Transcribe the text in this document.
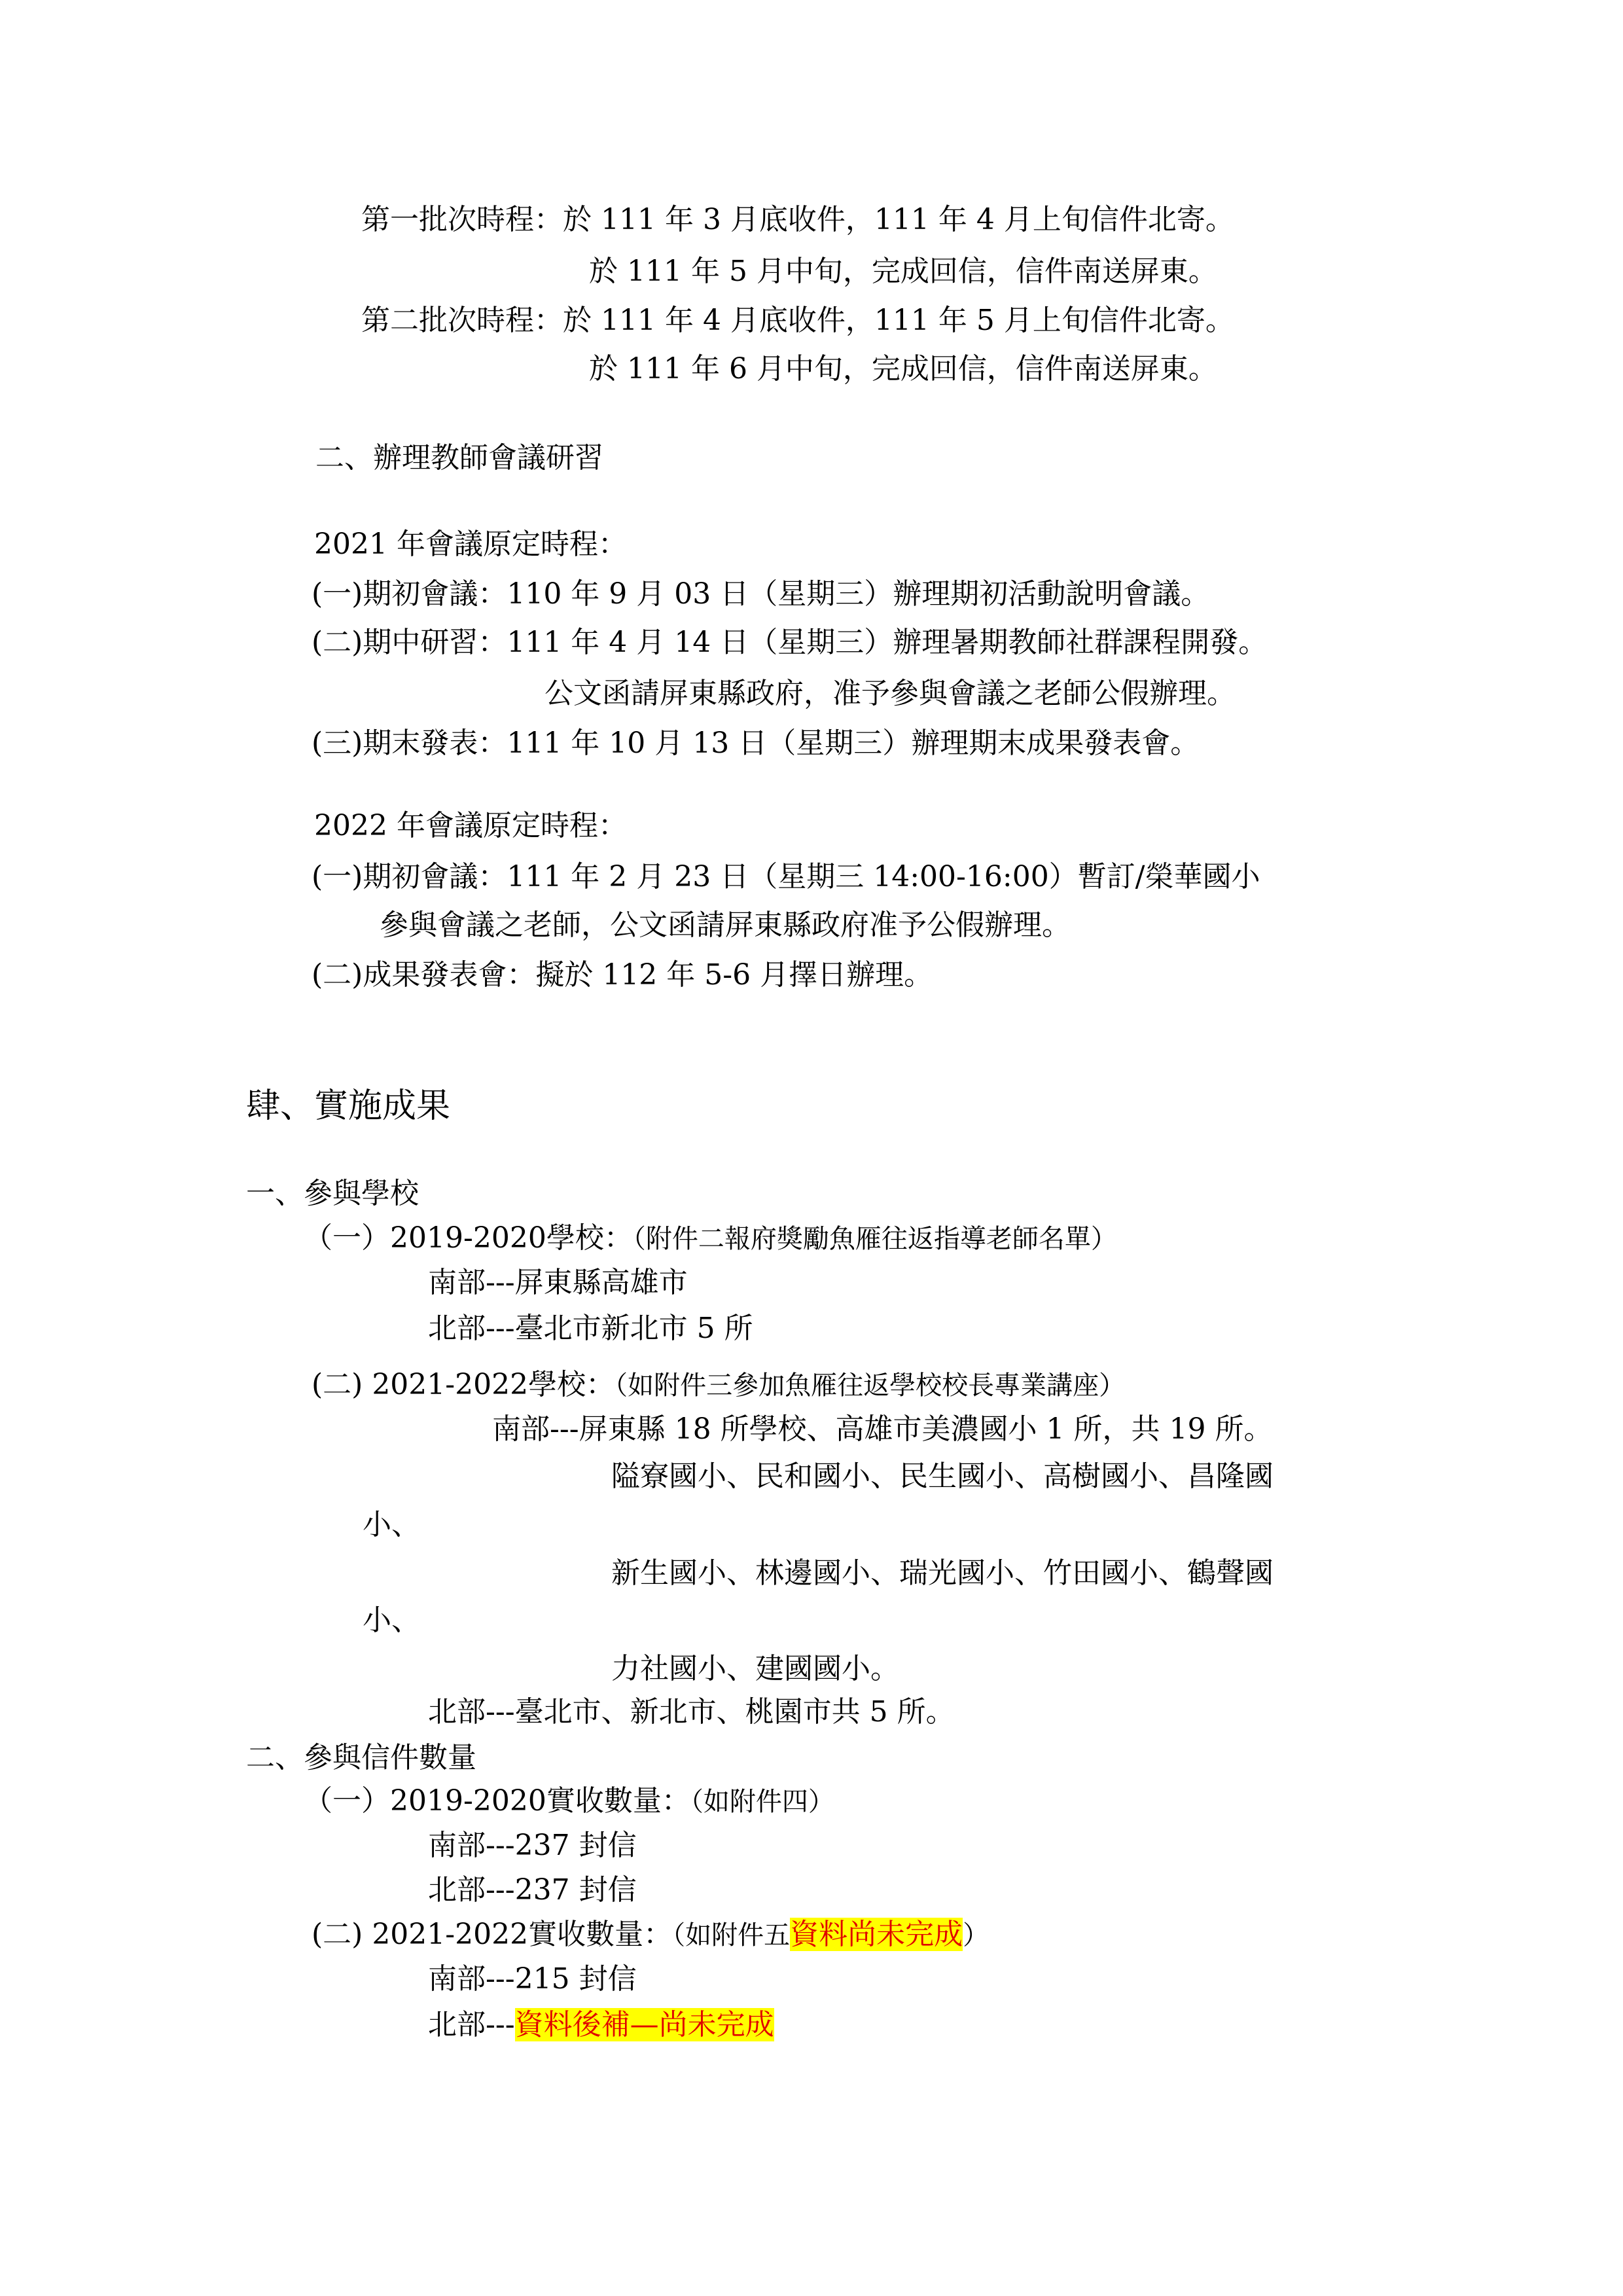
第一批次時程：於 111 年 3 月底收件，111 年 4 月上旬信件北寄。
於 111 年 5 月中旬，完成回信，信件南送屏東。
第二批次時程：於 111 年 4 月底收件，111 年 5 月上旬信件北寄。
於 111 年 6 月中旬，完成回信，信件南送屏東。
二、辦理教師會議研習
2021 年會議原定時程：
(一)期初會議：110 年 9 月 03 日（星期三）辦理期初活動說明會議。
(二)期中研習：111 年 4 月 14 日（星期三）辦理暑期教師社群課程開發。
公文函請屏東縣政府，准予參與會議之老師公假辦理。
(三)期末發表：111 年 10 月 13 日（星期三）辦理期末成果發表會。
2022 年會議原定時程：
(一)期初會議：111 年 2 月 23 日（星期三 14:00-16:00）暫訂/榮華國小
參與會議之老師，公文函請屏東縣政府准予公假辦理。
(二)成果發表會：擬於 112 年 5-6 月擇日辦理。
肆、實施成果
一、參與學校
（一）2019-2020學校：（附件二報府獎勵魚雁往返指導老師名單）
南部---屏東縣高雄市
北部---臺北市新北市 5 所
(二) 2021-2022學校：（如附件三參加魚雁往返學校校長專業講座）
南部---屏東縣 18 所學校、高雄市美濃國小 1 所，共 19 所。
隘寮國小、民和國小、民生國小、高樹國小、昌隆國
小、
新生國小、林邊國小、瑞光國小、竹田國小、鶴聲國
小、
力社國小、建國國小。
北部---臺北市、新北市、桃園市共 5 所。
二、參與信件數量
（一）2019-2020實收數量：（如附件四）
南部---237 封信
北部---237 封信
(二) 2021-2022實收數量：（如附件五資料尚未完成）
南部---215 封信
北部---資料後補—尚未完成
